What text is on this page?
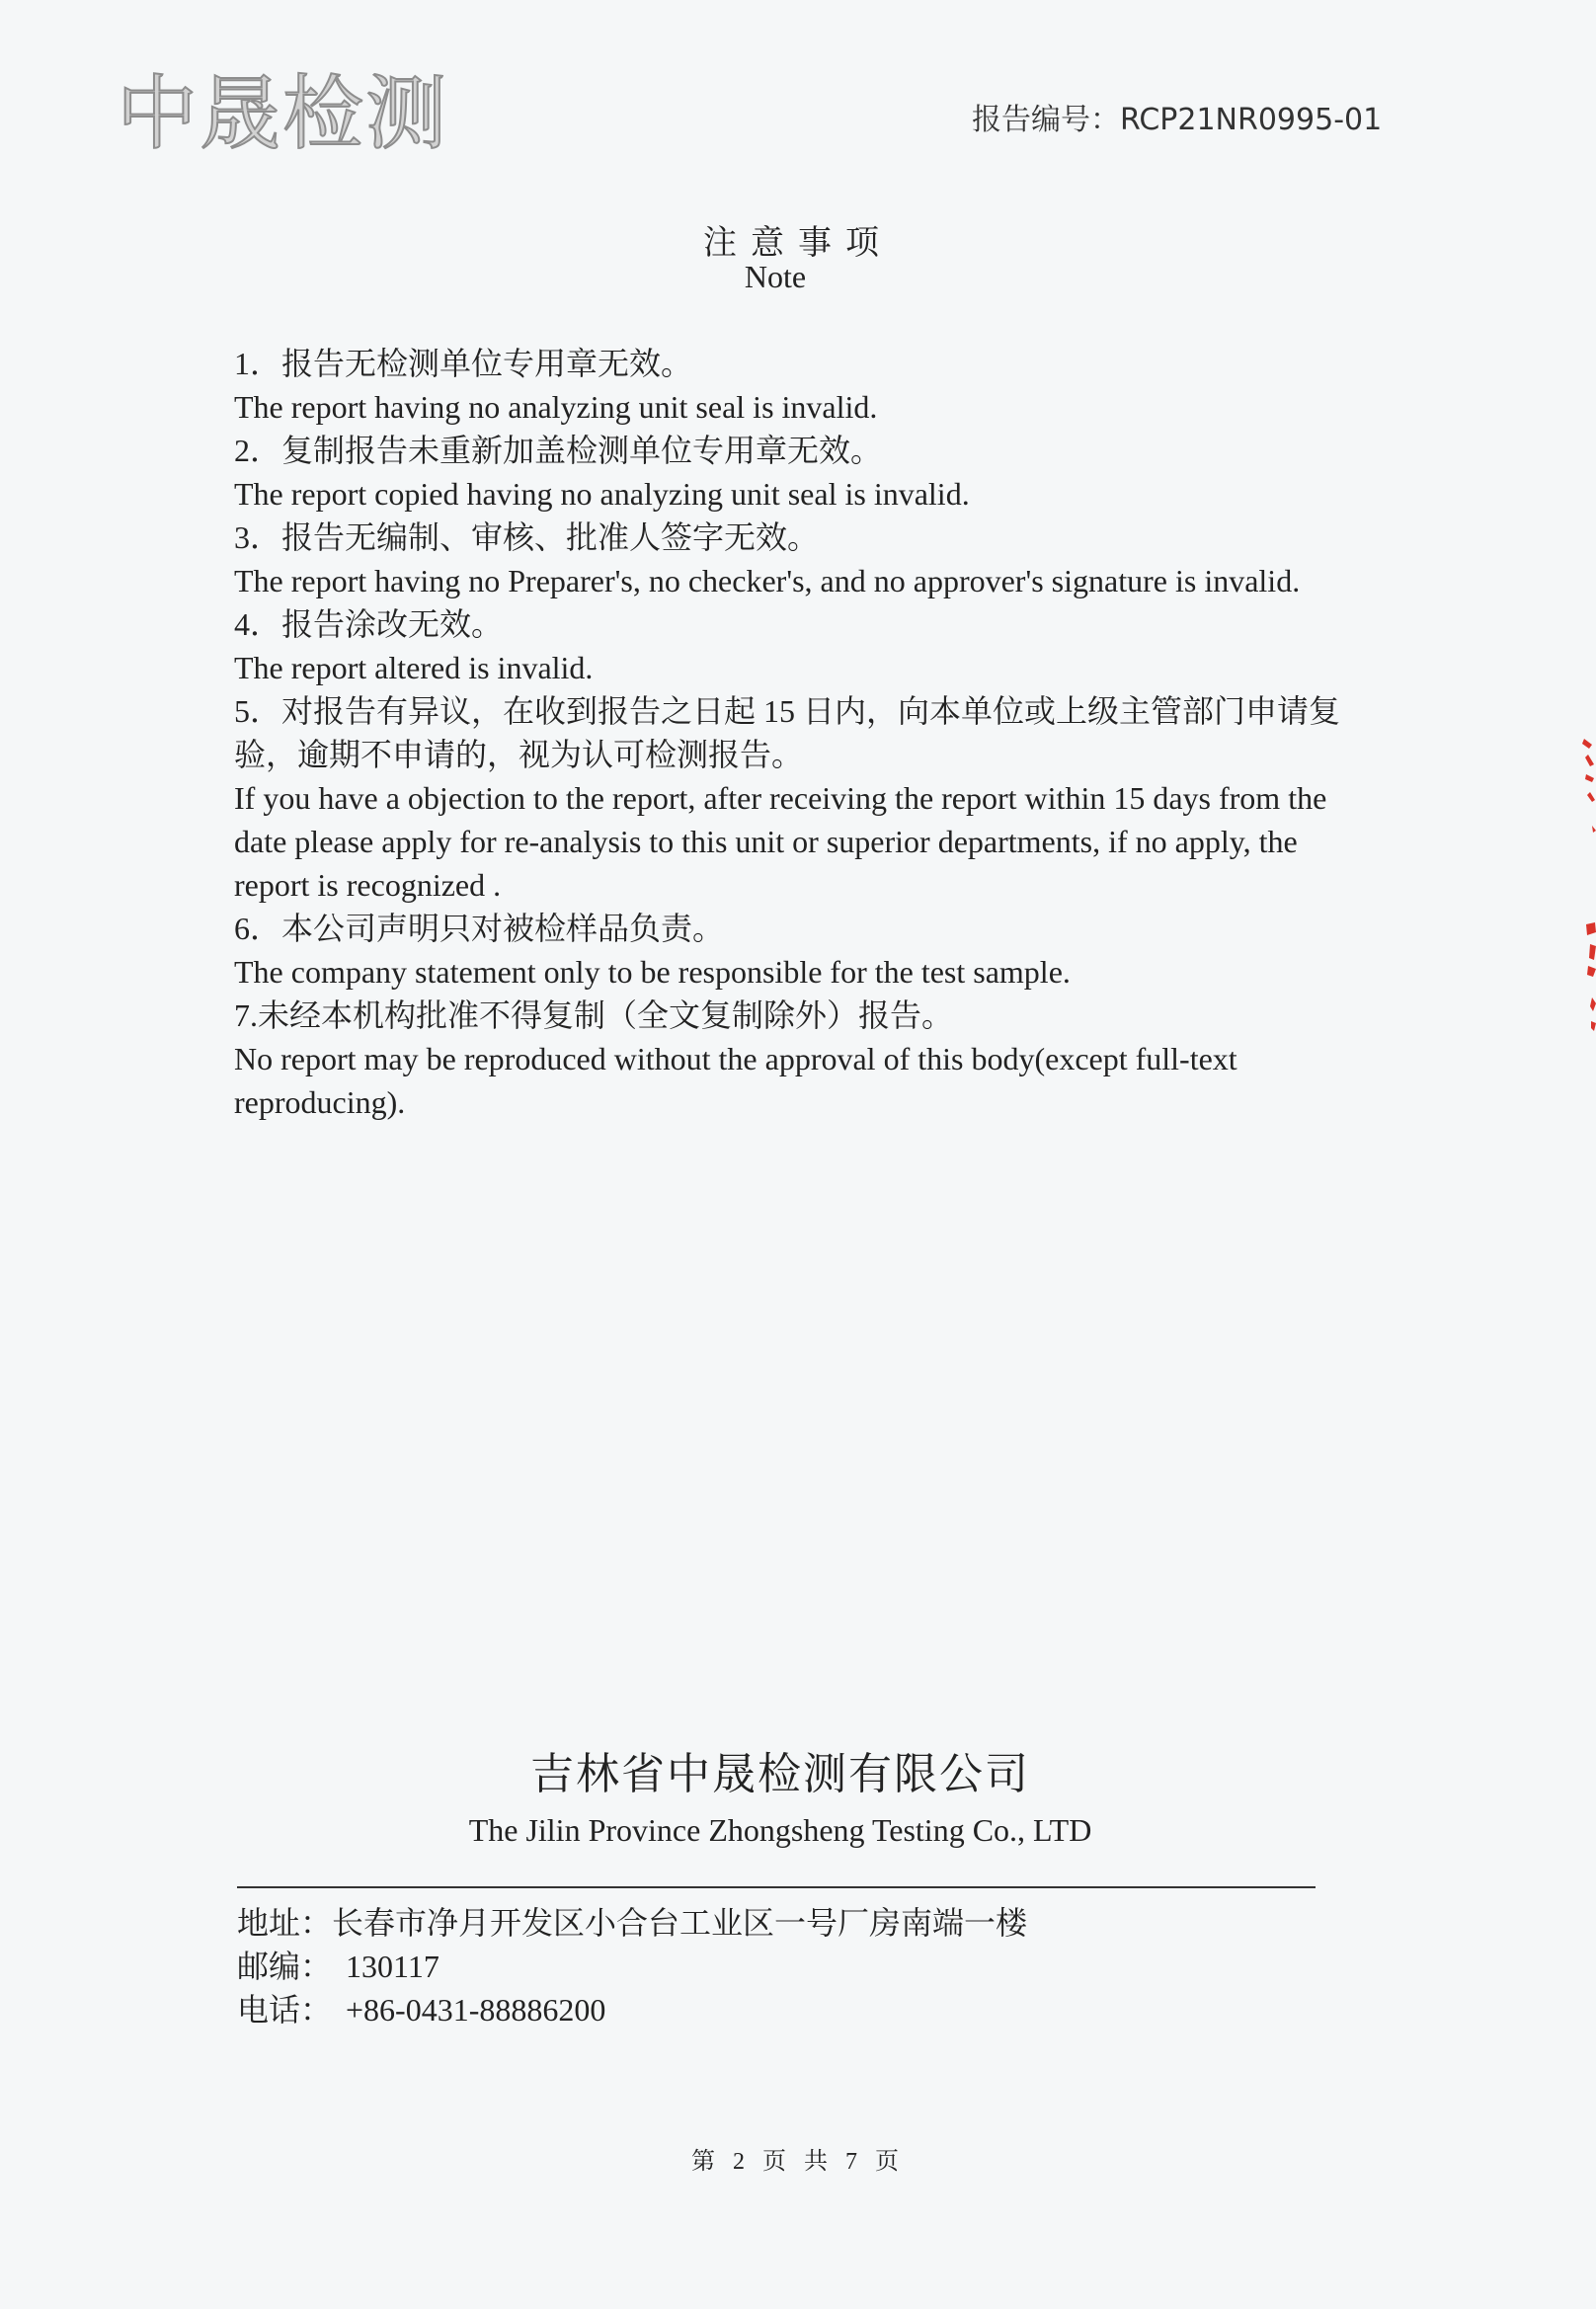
中晟检测	报告编号：RCP21NR0995-01
注意事项
Note

1．报告无检测单位专用章无效。

The report having no analyzing unit seal is invalid.

2．复制报告未重新加盖检测单位专用章无效。

The report copied having no analyzing unit seal is invalid.

3．报告无编制、审核、批准人签字无效。

The report having no Preparer's, no checker's, and no approver's signature is invalid.

4．报告涂改无效。

The report altered is invalid.

5．对报告有异议，在收到报告之日起 15 日内，向本单位或上级主管部门申请复验，逾期不申请的，视为认可检测报告。

If you have a objection to the report, after receiving the report within 15 days from the date please apply for re-analysis to this unit or superior departments, if no apply, the report is recognized .

6．本公司声明只对被检样品负责。

The company statement only to be responsible for the test sample.

7.未经本机构批准不得复制（全文复制除外）报告。

No report may be reproduced without the approval of this body(except full-text reproducing).

吉林省中晟检测有限公司
The Jilin Province Zhongsheng Testing Co., LTD
地址：长春市净月开发区小合台工业区一号厂房南端一楼
邮编： 130117
电话： +86-0431-88886200
第 2 页 共 7 页
